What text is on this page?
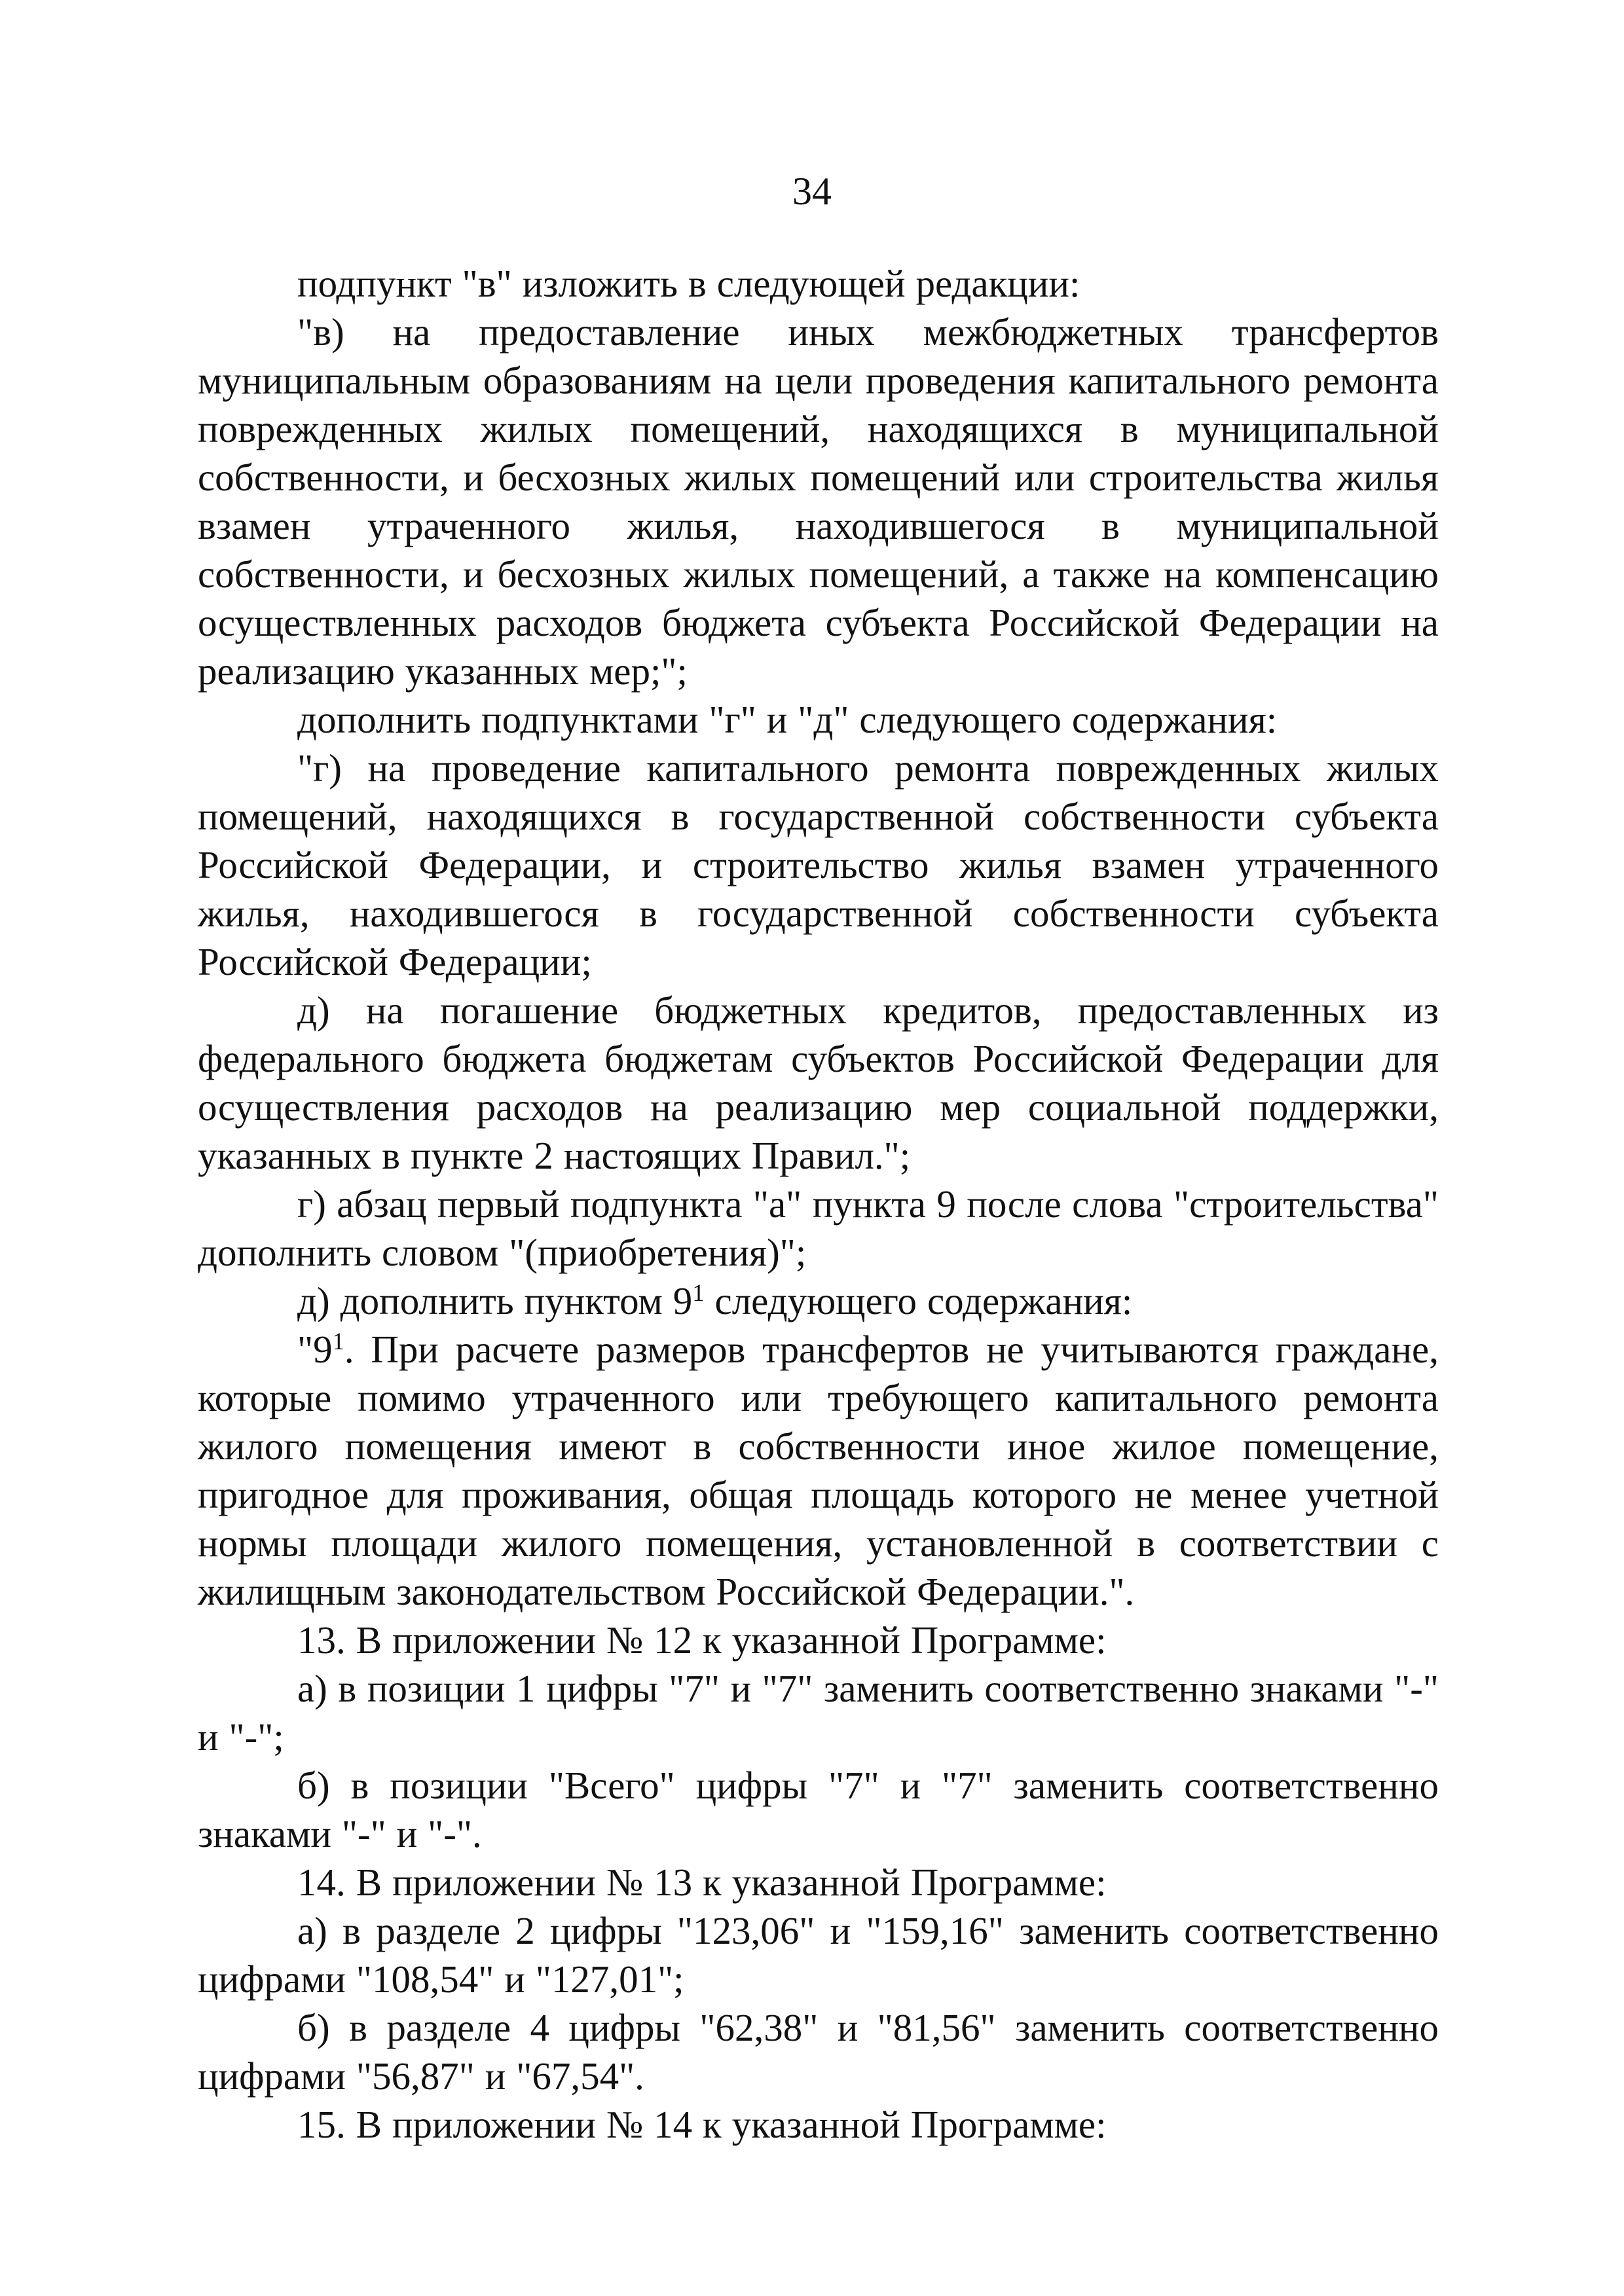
34

подпункт "в" изложить в следующей редакции:

"в) на предоставление иных межбюджетных трансфертов муниципальным образованиям на цели проведения капитального ремонта поврежденных жилых помещений, находящихся в муниципальной собственности, и бесхозных жилых помещений или строительства жилья взамен утраченного жилья, находившегося в муниципальной собственности, и бесхозных жилых помещений, а также на компенсацию осуществленных расходов бюджета субъекта Российской Федерации на реализацию указанных мер;";

дополнить подпунктами "г" и "д" следующего содержания:

"г) на проведение капитального ремонта поврежденных жилых помещений, находящихся в государственной собственности субъекта Российской Федерации, и строительство жилья взамен утраченного жилья, находившегося в государственной собственности субъекта Российской Федерации;

д) на погашение бюджетных кредитов, предоставленных из федерального бюджета бюджетам субъектов Российской Федерации для осуществления расходов на реализацию мер социальной поддержки, указанных в пункте 2 настоящих Правил.";

г) абзац первый подпункта "а" пункта 9 после слова "строительства" дополнить словом "(приобретения)";

д) дополнить пунктом $9^1$ следующего содержания:

"$9^1$. При расчете размеров трансфертов не учитываются граждане, которые помимо утраченного или требующего капитального ремонта жилого помещения имеют в собственности иное жилое помещение, пригодное для проживания, общая площадь которого не менее учетной нормы площади жилого помещения, установленной в соответствии с жилищным законодательством Российской Федерации.".

13. В приложении № 12 к указанной Программе:

а) в позиции 1 цифры "7" и "7" заменить соответственно знаками "-" и "-";

б) в позиции "Всего" цифры "7" и "7" заменить соответственно знаками "-" и "-".

14. В приложении № 13 к указанной Программе:

а) в разделе 2 цифры "123,06" и "159,16" заменить соответственно цифрами "108,54" и "127,01";

б) в разделе 4 цифры "62,38" и "81,56" заменить соответственно цифрами "56,87" и "67,54".

15. В приложении № 14 к указанной Программе:
